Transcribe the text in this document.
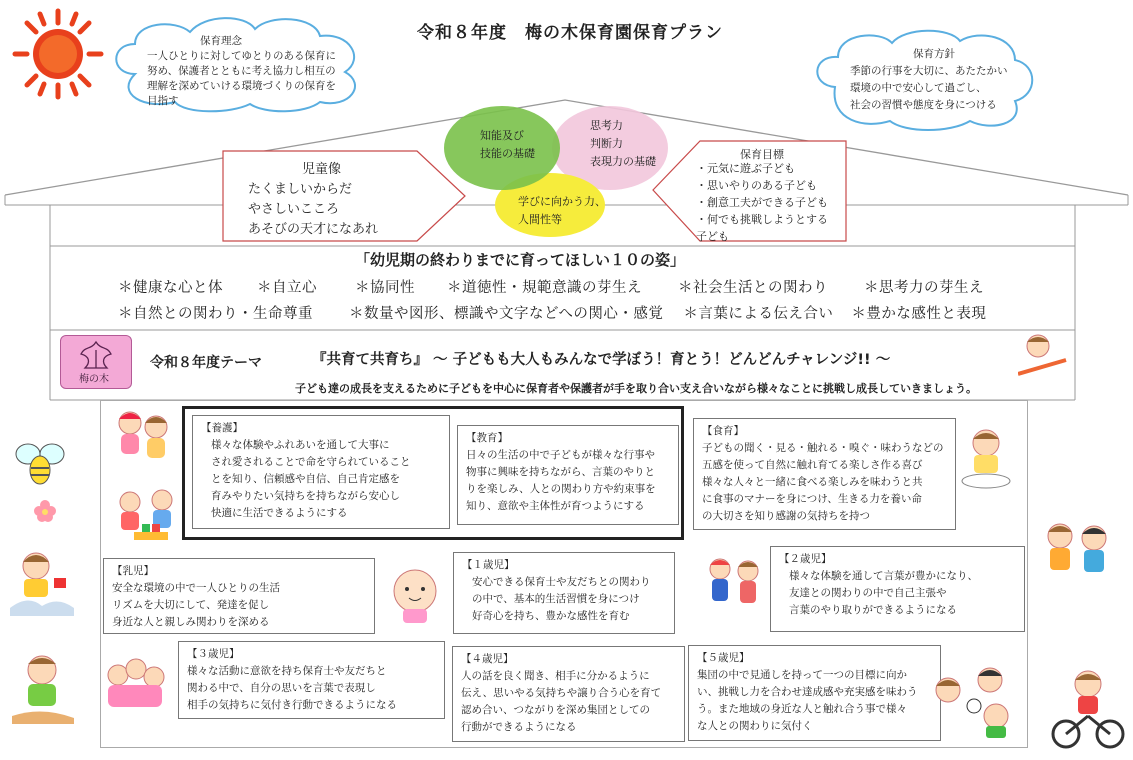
令和８年度　梅の木保育園保育プラン
保育理念
一人ひとりに対してゆとりのある保育に
努め、保護者とともに考え協力し相互の
理解を深めていける環境づくりの保育を
目指す
保育方針
季節の行事を大切に、あたたかい
環境の中で安心して過ごし、
社会の習慣や態度を身につける
児童像
たくましいからだ
やさしいこころ
あそびの天才になあれ
知能及び
技能の基礎
思考力
判断力
表現力の基礎
学びに向かう力、
人間性等
保育目標
・元気に遊ぶ子ども
・思いやりのある子ども
・創意工夫ができる子ども
・何でも挑戦しようとする
子ども
「幼児期の終わりまでに育ってほしい１０の姿」
＊健康な心と体 ＊自立心	＊協同性 ＊道徳性・規範意識の芽生え ＊社会生活との関わり ＊思考力の芽生え
＊自然との関わり・生命尊重 ＊数量や図形、標識や文字などへの関心・感覚 ＊言葉による伝え合い ＊豊かな感性と表現
梅の木
令和８年度テーマ	『共育て共育ち』 ～ 子どもも大人もみんなで学ぼう！育とう！どんどんチャレンジ!! ～
子ども達の成長を支えるために子どもを中心に保育者や保護者が手を取り合い支え合いながら様々なことに挑戦し成長していきましょう。
【養護】
様々な体験やふれあいを通して大事に
され愛されることで命を守られていること
とを知り、信頼感や自信、自己肯定感を
育みやりたい気持ちを持ちながら安心し
快適に生活できるようにする
【教育】
日々の生活の中で子どもが様々な行事や
物事に興味を持ちながら、言葉のやりと
りを楽しみ、人との関わり方や約束事を
知り、意欲や主体性が育つようにする
【食育】
子どもの聞く・見る・触れる・嗅ぐ・味わうなどの
五感を使って自然に触れ育てる楽しさ作る喜び
様々な人々と一緒に食べる楽しみを味わうと共
に食事のマナーを身につけ、生きる力を養い命
の大切さを知り感謝の気持ちを持つ
【乳児】
安全な環境の中で一人ひとりの生活
リズムを大切にして、発達を促し
身近な人と親しみ関わりを深める
【１歳児】
安心できる保育士や友だちとの関わり
の中で、基本的生活習慣を身につけ
好奇心を持ち、豊かな感性を育む
【２歳児】
様々な体験を通して言葉が豊かになり、
友達との関わりの中で自己主張や
言葉のやり取りができるようになる
【３歳児】
様々な活動に意欲を持ち保育士や友だちと
関わる中で、自分の思いを言葉で表現し
相手の気持ちに気付き行動できるようになる
【４歳児】
人の話を良く聞き、相手に分かるように
伝え、思いやる気持ちや譲り合う心を育て
認め合い、つながりを深め集団としての
行動ができるようになる
【５歳児】
集団の中で見通しを持って一つの目標に向か
い、挑戦し力を合わせ達成感や充実感を味わう
う。また地域の身近な人と触れ合う事で様々
な人との関わりに気付く
